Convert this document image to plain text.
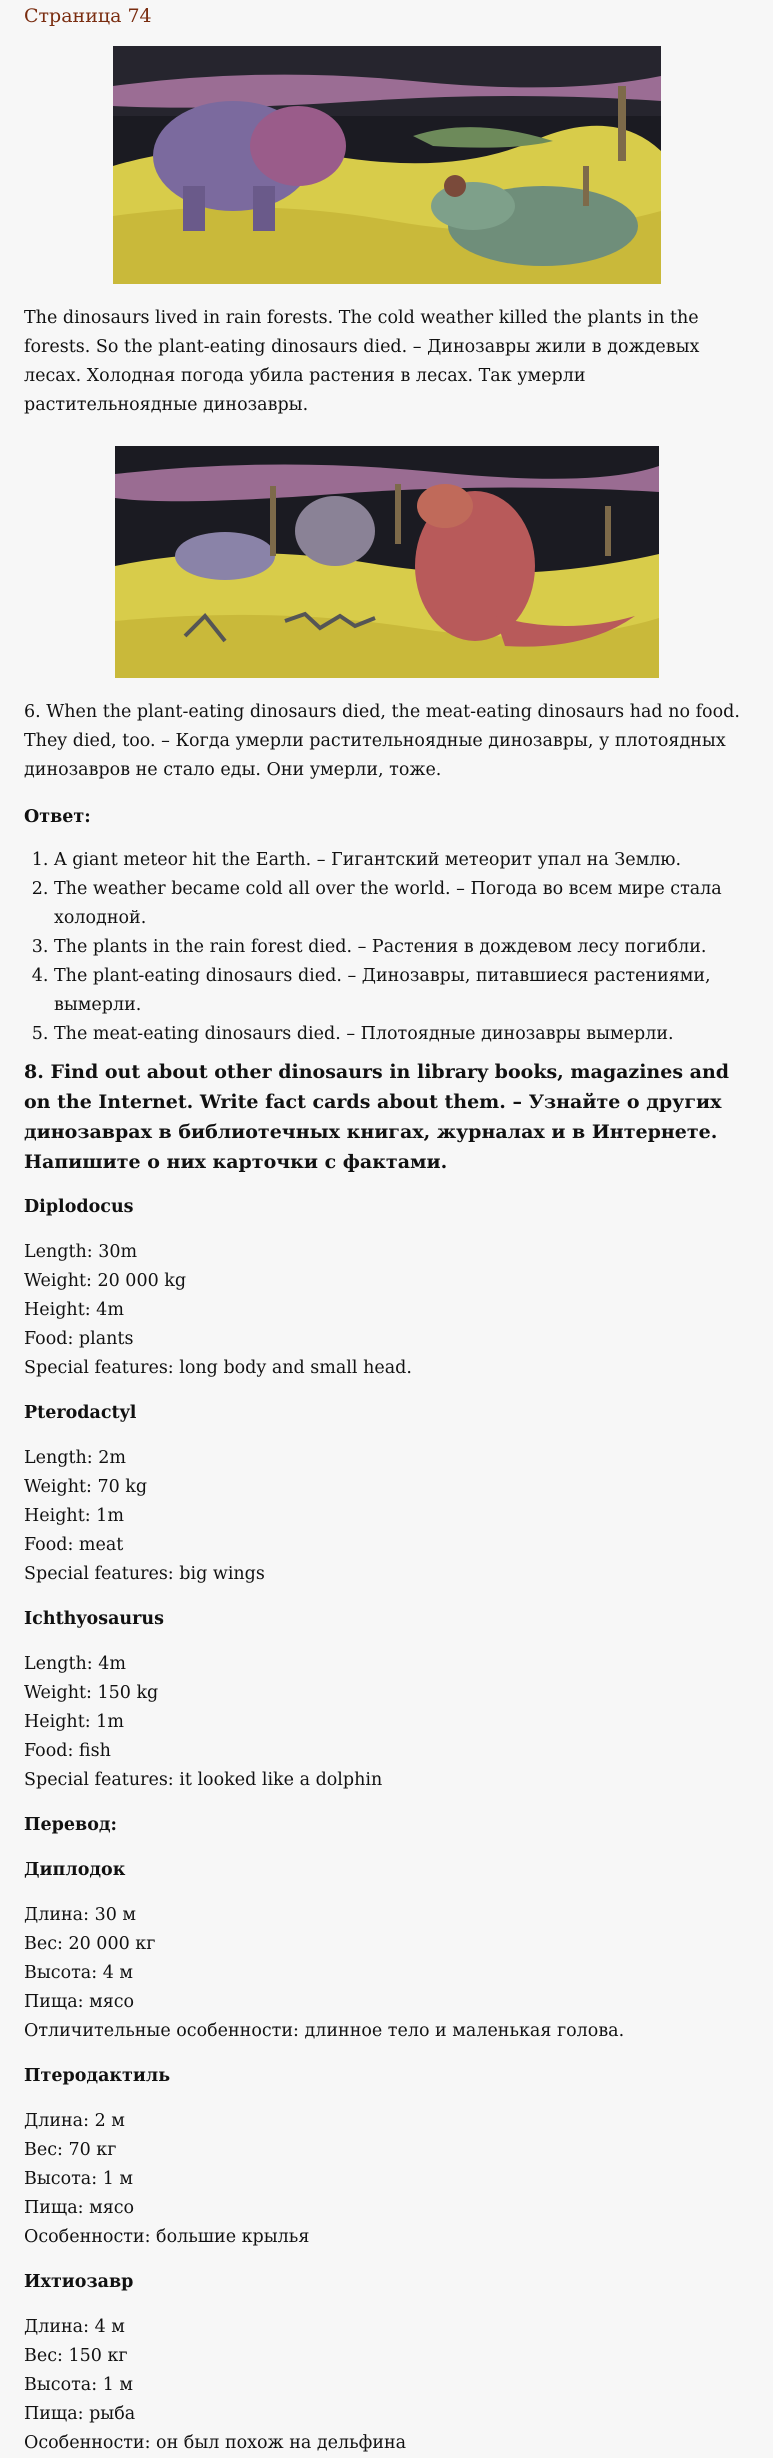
Страница 74

The dinosaurs lived in rain forests. The cold weather killed the plants in the forests. So the plant-eating dinosaurs died. – Динозавры жили в дождевых лесах. Холодная погода убила растения в лесах. Так умерли растительноядные динозавры.

6. When the plant-eating dinosaurs died, the meat-eating dinosaurs had no food. They died, too. – Когда умерли растительноядные динозавры, у плотоядных динозавров не стало еды. Они умерли, тоже.

Ответ:

1. A giant meteor hit the Earth. – Гигантский метеорит упал на Землю.
2. The weather became cold all over the world. – Погода во всем мире стала холодной.
3. The plants in the rain forest died. – Растения в дождевом лесу погибли.
4. The plant-eating dinosaurs died. – Динозавры, питавшиеся растениями, вымерли.
5. The meat-eating dinosaurs died. – Плотоядные динозавры вымерли.

8. Find out about other dinosaurs in library books, magazines and on the Internet. Write fact cards about them. – Узнайте о других динозаврах в библиотечных книгах, журналах и в Интернете. Напишите о них карточки с фактами.

Diplodocus

Length: 30m
Weight: 20 000 kg
Height: 4m
Food: plants
Special features: long body and small head.

Pterodactyl

Length: 2m
Weight: 70 kg
Height: 1m
Food: meat
Special features: big wings

Ichthyosaurus

Length: 4m
Weight: 150 kg
Height: 1m
Food: fish
Special features: it looked like a dolphin

Перевод:

Диплодок

Длина: 30 м
Вес: 20 000 кг
Высота: 4 м
Пища: мясо
Отличительные особенности: длинное тело и маленькая голова.

Птеродактиль

Длина: 2 м
Вес: 70 кг
Высота: 1 м
Пища: мясо
Особенности: большие крылья

Ихтиозавр

Длина: 4 м
Вес: 150 кг
Высота: 1 м
Пища: рыба
Особенности: он был похож на дельфина
